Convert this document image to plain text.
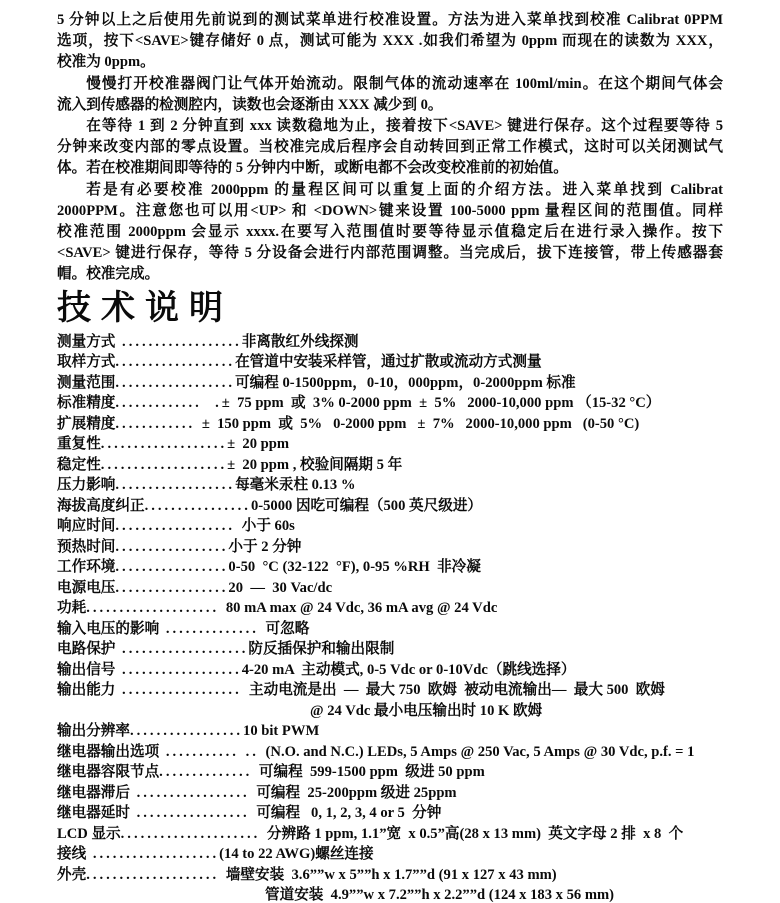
5 分钟以上之后使用先前说到的测试菜单进行校准设置。方法为进入菜单找到校准 Calibrat 0PPM
选项，按下<SAVE>键存储好 0 点，测试可能为 XXX .如我们希望为 0ppm 而现在的读数为 XXX，
校准为 0ppm。
慢慢打开校准器阀门让气体开始流动。限制气体的流动速率在 100ml/min。在这个期间气体会
流入到传感器的检测腔内，读数也会逐渐由 XXX 减少到 0。
在等待 1 到 2 分钟直到 xxx 读数稳地为止，接着按下<SAVE> 键进行保存。这个过程要等待 5
分钟来改变内部的零点设置。当校准完成后程序会自动转回到正常工作模式，这时可以关闭测试气
体。若在校准期间即等待的 5 分钟内中断，或断电都不会改变校准前的初始值。
若是有必要校准 2000ppm 的量程区间可以重复上面的介绍方法。进入菜单找到 Calibrat
2000PPM。注意您也可以用<UP> 和 <DOWN>键来设置 100-5000 ppm 量程区间的范围值。同样
校准范围 2000ppm 会显示 xxxx.在要写入范围值时要等待显示值稳定后在进行录入操作。按下
<SAVE> 键进行保存，等待 5 分设备会进行内部范围调整。当完成后，拔下连接管，带上传感器套
帽。校准完成。
技术说明
测量方式 ..................非离散红外线探测
取样方式..................在管道中安装采样管，通过扩散或流动方式测量
测量范围..................可编程 0-1500ppm，0-10，000ppm，0-2000ppm 标准
标准精度.............  .±  75 ppm  或  3% 0-2000 ppm  ±  5%   2000-10,000 ppm （15-32 °C）
扩展精度............ ±  150 ppm  或  5%   0-2000 ppm   ±  7%   2000-10,000 ppm   (0-50 °C)
重复性...................±  20 ppm
稳定性...................±  20 ppm , 校验间隔期 5 年
压力影响..................每毫米汞柱 0.13 %
海拔高度纠正................0-5000 因吃可编程（500 英尺级进）
响应时间.................. 小于 60s
预热时间.................小于 2 分钟
工作环境.................0-50  °C (32-122  °F), 0-95 %RH  非冷凝
电源电压.................20  —  30 Vac/dc
功耗.................... 80 mA max @ 24 Vdc, 36 mA avg @ 24 Vdc
输入电压的影响 .............. 可忽略
电路保护 ...................防反插保护和输出限制
输出信号 ..................4-20 mA  主动模式, 0-5 Vdc or 0-10Vdc（跳线选择）
输出能力 ..................  主动电流是出  —  最大 750  欧姆  被动电流输出—  最大 500  欧姆
@ 24 Vdc 最小电压输出时 10 K 欧姆
输出分辨率.................10 bit PWM
继电器输出选项 ........... .. (N.O. and N.C.) LEDs, 5 Amps @ 250 Vac, 5 Amps @ 30 Vdc, p.f. = 1
继电器容限节点.............. 可编程  599-1500 ppm  级进 50 ppm
继电器滞后 ................. 可编程  25-200ppm 级进 25ppm
继电器延时 ................. 可编程   0, 1, 2, 3, 4 or 5  分钟
LCD 显示..................... 分辨路 1 ppm, 1.1”宽  x 0.5”高(28 x 13 mm)  英文字母 2 排  x 8  个
接线 ...................(14 to 22 AWG)螺丝连接
外壳.................... 墙壁安装  3.6””w x 5””h x 1.7””d (91 x 127 x 43 mm)
管道安装  4.9””w x 7.2””h x 2.2””d (124 x 183 x 56 mm)
